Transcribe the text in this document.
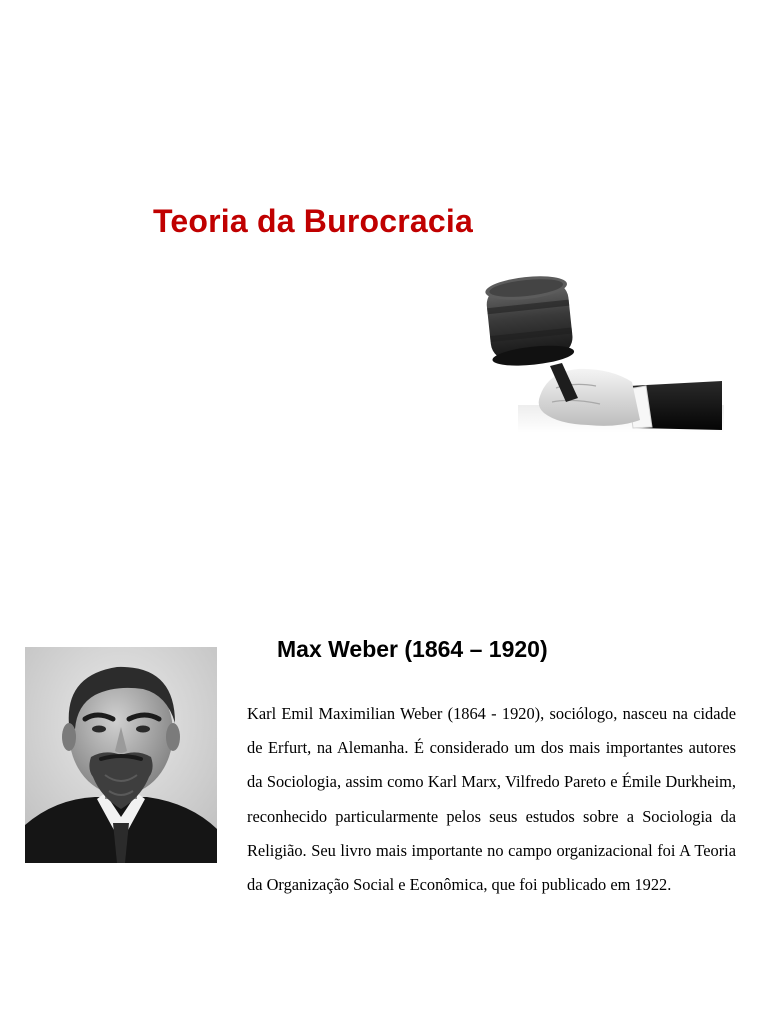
Teoria da Burocracia
Max Weber (1864 – 1920)

Karl Emil Maximilian Weber (1864 - 1920), sociólogo, nasceu na cidade de Erfurt, na Alemanha. É considerado um dos mais importantes autores da Sociologia, assim como Karl Marx, Vilfredo Pareto e Émile Durkheim, reconhecido particularmente pelos seus estudos sobre a Sociologia da Religião. Seu livro mais importante no campo organizacional foi A Teoria da Organização Social e Econômica, que foi publicado em 1922.
